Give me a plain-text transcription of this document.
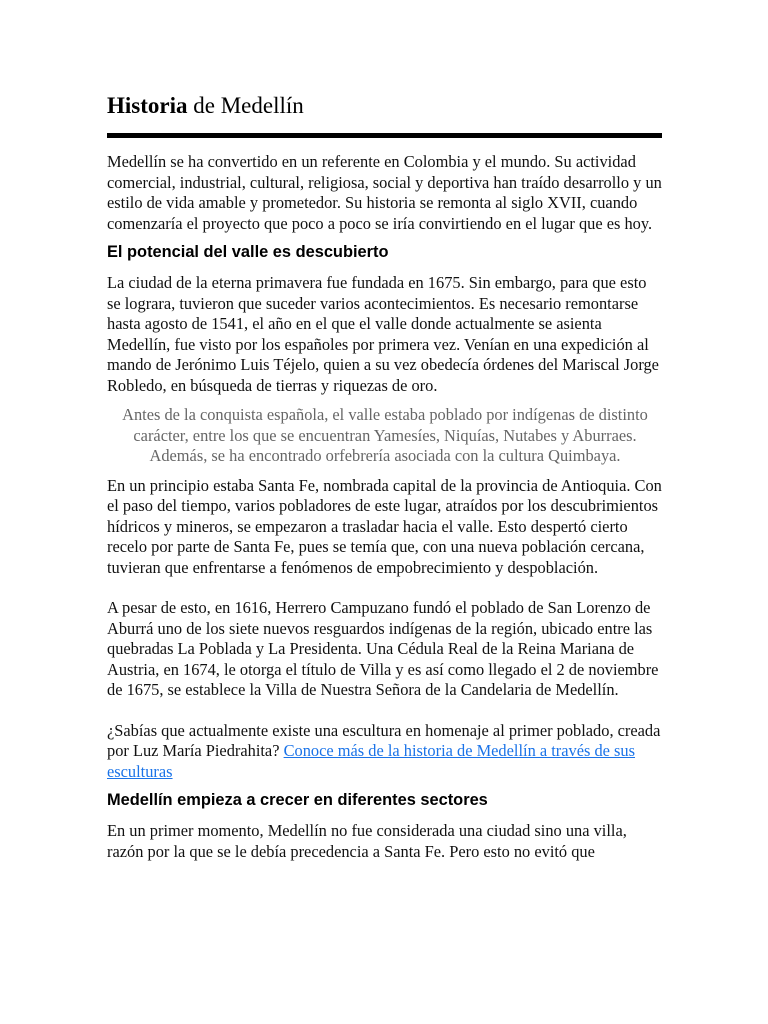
Historia de Medellín

Medellín se ha convertido en un referente en Colombia y el mundo. Su actividad comercial, industrial, cultural, religiosa, social y deportiva han traído desarrollo y un estilo de vida amable y prometedor. Su historia se remonta al siglo XVII, cuando comenzaría el proyecto que poco a poco se iría convirtiendo en el lugar que es hoy.

El potencial del valle es descubierto

La ciudad de la eterna primavera fue fundada en 1675. Sin embargo, para que esto se lograra, tuvieron que suceder varios acontecimientos. Es necesario remontarse hasta agosto de 1541, el año en el que el valle donde actualmente se asienta Medellín, fue visto por los españoles por primera vez. Venían en una expedición al mando de Jerónimo Luis Téjelo, quien a su vez obedecía órdenes del Mariscal Jorge Robledo, en búsqueda de tierras y riquezas de oro.

Antes de la conquista española, el valle estaba poblado por indígenas de distinto carácter, entre los que se encuentran Yamesíes, Niquías, Nutabes y Aburraes. Además, se ha encontrado orfebrería asociada con la cultura Quimbaya.

En un principio estaba Santa Fe, nombrada capital de la provincia de Antioquia. Con el paso del tiempo, varios pobladores de este lugar, atraídos por los descubrimientos hídricos y mineros, se empezaron a trasladar hacia el valle. Esto despertó cierto recelo por parte de Santa Fe, pues se temía que, con una nueva población cercana, tuvieran que enfrentarse a fenómenos de empobrecimiento y despoblación.

A pesar de esto, en 1616, Herrero Campuzano fundó el poblado de San Lorenzo de Aburrá uno de los siete nuevos resguardos indígenas de la región, ubicado entre las quebradas La Poblada y La Presidenta. Una Cédula Real de la Reina Mariana de Austria, en 1674, le otorga el título de Villa y es así como llegado el 2 de noviembre de 1675, se establece la Villa de Nuestra Señora de la Candelaria de Medellín.

¿Sabías que actualmente existe una escultura en homenaje al primer poblado, creada por Luz María Piedrahita? Conoce más de la historia de Medellín a través de sus esculturas

Medellín empieza a crecer en diferentes sectores

En un primer momento, Medellín no fue considerada una ciudad sino una villa, razón por la que se le debía precedencia a Santa Fe. Pero esto no evitó que
